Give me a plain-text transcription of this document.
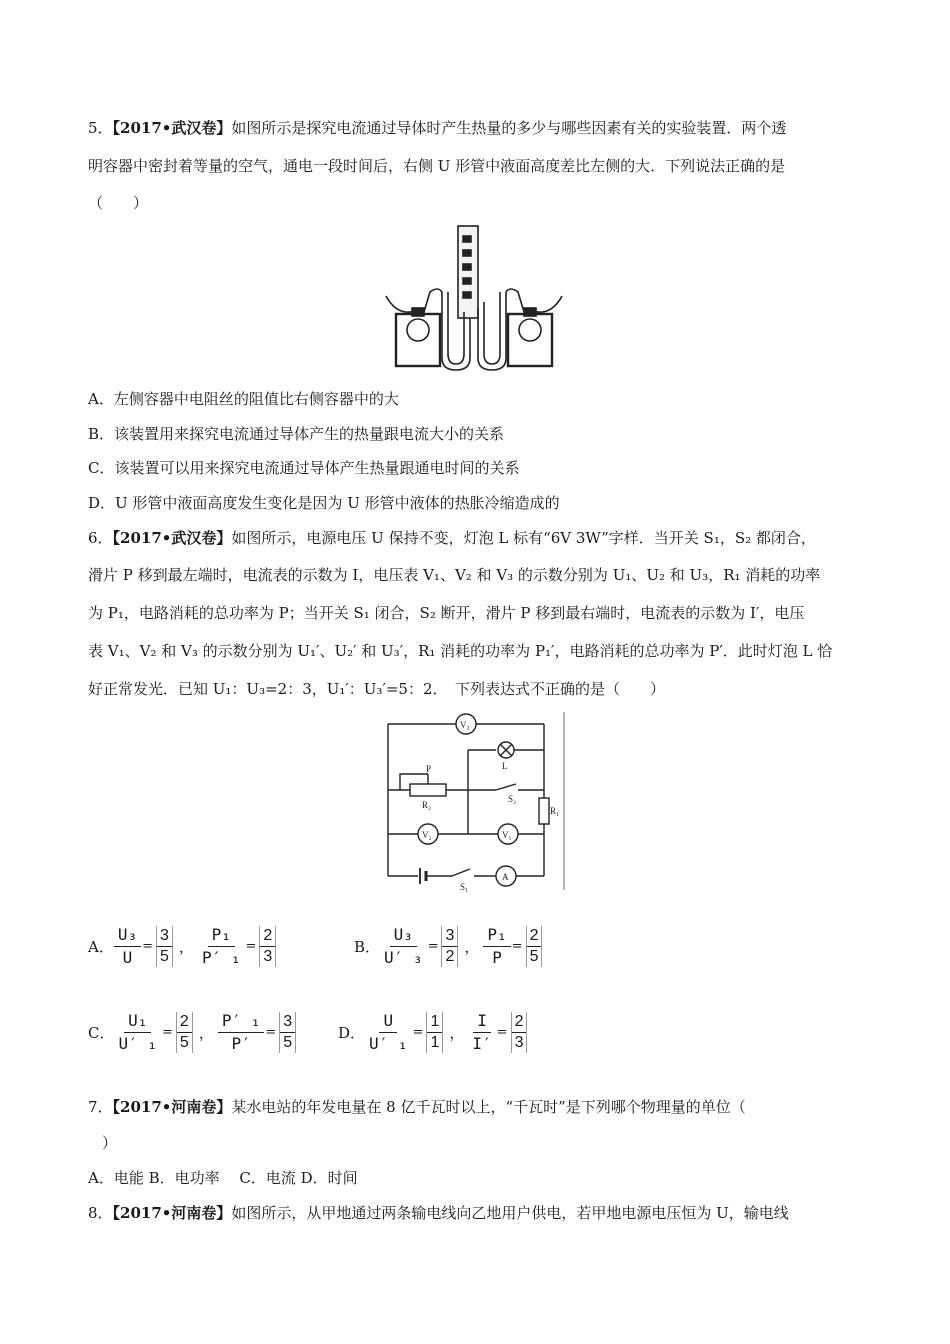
5．【2017•武汉卷】如图所示是探究电流通过导体时产生热量的多少与哪些因素有关的实验装置．两个透
明容器中密封着等量的空气，通电一段时间后，右侧 U 形管中液面高度差比左侧的大．下列说法正确的是
（　　）
A．左侧容器中电阻丝的阻值比右侧容器中的大
B．该装置用来探究电流通过导体产生的热量跟电流大小的关系
C．该装置可以用来探究电流通过导体产生热量跟通电时间的关系
D．U 形管中液面高度发生变化是因为 U 形管中液体的热胀冷缩造成的
6．【2017•武汉卷】如图所示，电源电压 U 保持不变，灯泡 L 标有“6V 3W”字样．当开关 S₁，S₂ 都闭合，
滑片 P 移到最左端时，电流表的示数为 I，电压表 V₁、V₂ 和 V₃ 的示数分别为 U₁、U₂ 和 U₃，R₁ 消耗的功率
为 P₁，电路消耗的总功率为 P；当开关 S₁ 闭合，S₂ 断开，滑片 P 移到最右端时，电流表的示数为 I′，电压
表 V₁、V₂ 和 V₃ 的示数分别为 U₁′、U₂′ 和 U₃′，R₁ 消耗的功率为 P₁′，电路消耗的总功率为 P′．此时灯泡 L 恰
好正常发光．已知 U₁：U₃=2：3，U₁′：U₃′=5：2．　下列表达式不正确的是（　　）
V₃
L
P
R₂
S₂
R₁
V₂	V₁
S₁
A
A． $\frac{\text{U₃}}{U} = \frac{3}{5}$ ， $\frac{\text{P₁}}{\text{P′ ₁}} = \frac{2}{3}$	B． $\frac{\text{U₃}}{\text{U′ ₃}} = \frac{3}{2}$ ， $\frac{\text{P₁}}{P} = \frac{2}{5}$
C． $\frac{\text{U₁}}{\text{U′ ₁}} = \frac{2}{5}$ ， $\frac{\text{P′ ₁}}{P'} = \frac{3}{5}$	D． $\frac{U}{\text{U′ ₁}} = \frac{1}{1}$ ， $\frac{I}{I'} = \frac{2}{3}$
7．【2017•河南卷】某水电站的年发电量在 8 亿千瓦时以上，“千瓦时”是下列哪个物理量的单位（
）
A．电能 B．电功率　 C．电流 D．时间
8．【2017•河南卷】如图所示，从甲地通过两条输电线向乙地用户供电，若甲地电源电压恒为 U，输电线
